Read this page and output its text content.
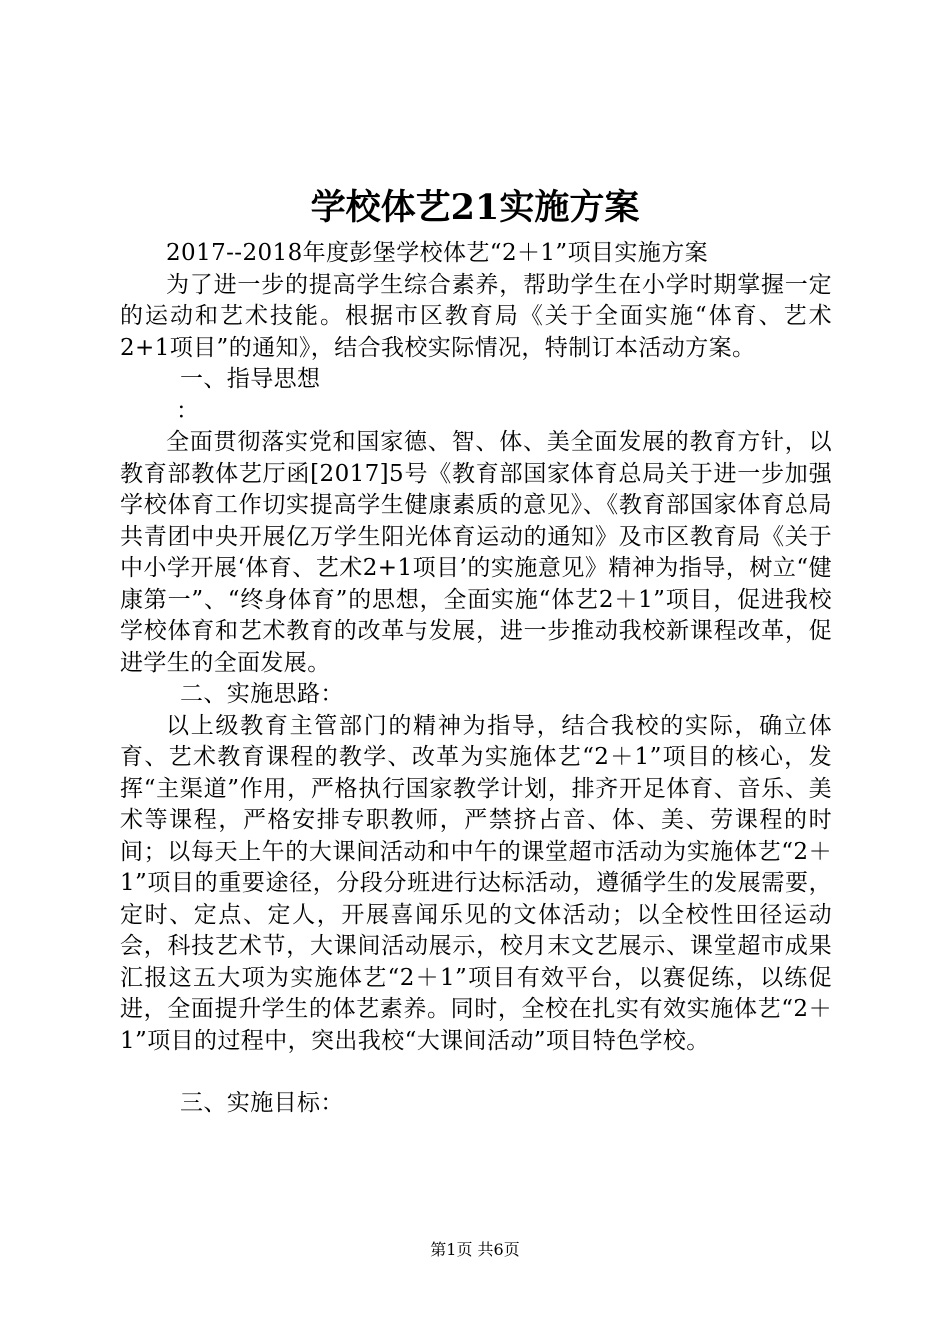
学校体艺21实施方案

2017--2018年度彭堡学校体艺“2＋1”项目实施方案

为了进一步的提高学生综合素养，帮助学生在小学时期掌握一定的运动和艺术技能。根据市区教育局《关于全面实施“体育、艺术2+1项目”的通知》，结合我校实际情况，特制订本活动方案。

一、指导思想

：

全面贯彻落实党和国家德、智、体、美全面发展的教育方针，以教育部教体艺厅函[2017]5号《教育部国家体育总局关于进一步加强学校体育工作切实提高学生健康素质的意见》、《教育部国家体育总局共青团中央开展亿万学生阳光体育运动的通知》及市区教育局《关于中小学开展‘体育、艺术2+1项目’的实施意见》精神为指导，树立“健康第一”、“终身体育”的思想，全面实施“体艺2＋1”项目，促进我校学校体育和艺术教育的改革与发展，进一步推动我校新课程改革，促进学生的全面发展。

二、实施思路：

以上级教育主管部门的精神为指导，结合我校的实际，确立体育、艺术教育课程的教学、改革为实施体艺“2＋1”项目的核心，发挥“主渠道”作用，严格执行国家教学计划，排齐开足体育、音乐、美术等课程，严格安排专职教师，严禁挤占音、体、美、劳课程的时间；以每天上午的大课间活动和中午的课堂超市活动为实施体艺“2＋1”项目的重要途径，分段分班进行达标活动，遵循学生的发展需要，定时、定点、定人，开展喜闻乐见的文体活动；以全校性田径运动会，科技艺术节，大课间活动展示，校月末文艺展示、课堂超市成果汇报这五大项为实施体艺“2＋1”项目有效平台，以赛促练，以练促进，全面提升学生的体艺素养。同时，全校在扎实有效实施体艺“2＋1”项目的过程中，突出我校“大课间活动”项目特色学校。

三、实施目标：

第1页 共6页
